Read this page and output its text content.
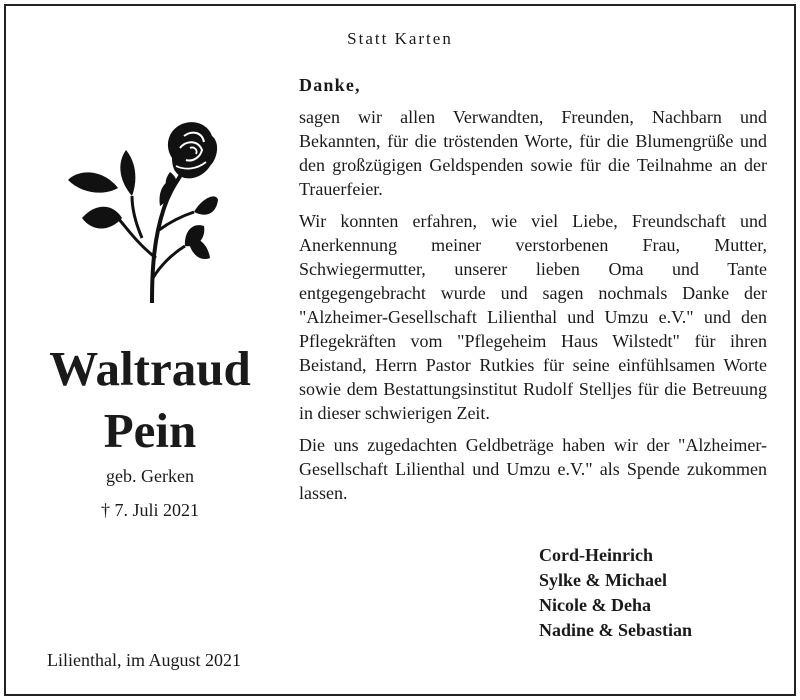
Statt Karten
Waltraud
Pein
geb. Gerken
† 7. Juli 2021
Lilienthal, im August 2021
Danke,

sagen wir allen Verwandten, Freunden, Nachbarn und Bekannten, für die tröstenden Worte, für die Blumengrüße und den großzügigen Geldspenden sowie für die Teilnahme an der Trauerfeier.

Wir konnten erfahren, wie viel Liebe, Freundschaft und Anerkennung meiner verstorbenen Frau, Mutter, Schwiegermutter, unserer lieben Oma und Tante entgegengebracht wurde und sagen nochmals Danke der "Alzheimer-Gesellschaft Lilienthal und Umzu e.V." und den Pflegekräften vom "Pflegeheim Haus Wilstedt" für ihren Beistand, Herrn Pastor Rutkies für seine einfühlsamen Worte sowie dem Bestattungsinstitut Rudolf Stelljes für die Betreuung in dieser schwierigen Zeit.

Die uns zugedachten Geldbeträge haben wir der "Alzheimer-Gesellschaft Lilienthal und Umzu e.V." als Spende zukommen lassen.

Cord-Heinrich
Sylke & Michael
Nicole & Deha
Nadine & Sebastian
